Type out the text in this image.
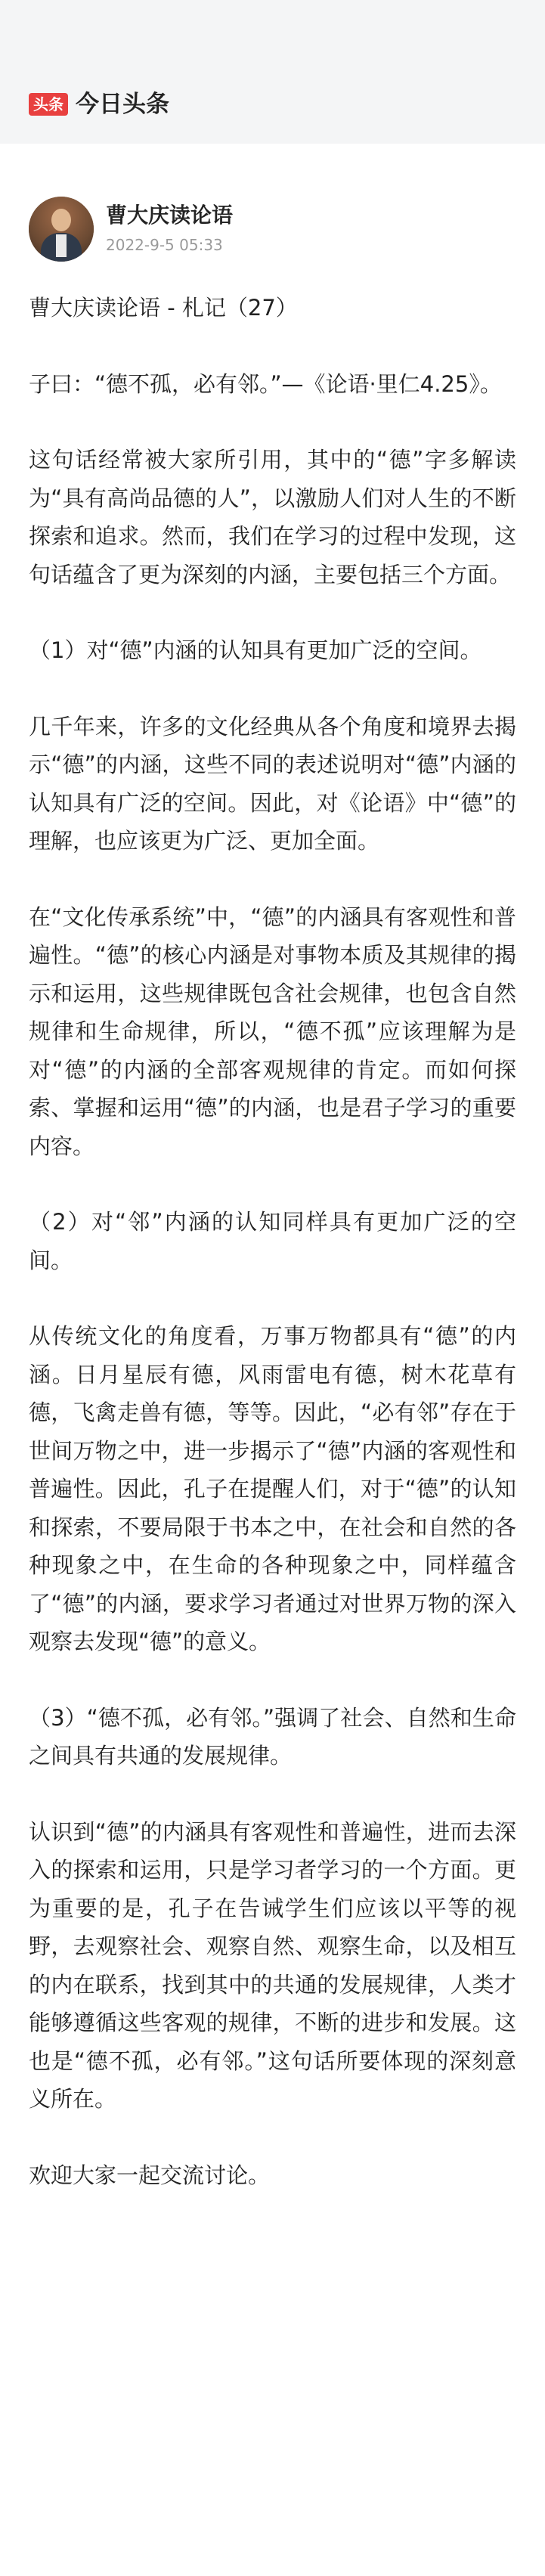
头条 今日头条
曹大庆读论语
2022-9-5 05:33

曹大庆读论语 - 札记（27）

子曰：“德不孤，必有邻。”—《论语·里仁4.25》。

这句话经常被大家所引用，其中的“德”字多解读为“具有高尚品德的人”，以激励人们对人生的不断探索和追求。然而，我们在学习的过程中发现，这句话蕴含了更为深刻的内涵，主要包括三个方面。

（1）对“德”内涵的认知具有更加广泛的空间。

几千年来，许多的文化经典从各个角度和境界去揭示“德”的内涵，这些不同的表述说明对“德”内涵的认知具有广泛的空间。因此，对《论语》中“德”的理解，也应该更为广泛、更加全面。

在“文化传承系统”中，“德”的内涵具有客观性和普遍性。“德”的核心内涵是对事物本质及其规律的揭示和运用，这些规律既包含社会规律，也包含自然规律和生命规律，所以，“德不孤”应该理解为是对“德”的内涵的全部客观规律的肯定。而如何探索、掌握和运用“德”的内涵，也是君子学习的重要内容。

（2）对“邻”内涵的认知同样具有更加广泛的空间。

从传统文化的角度看，万事万物都具有“德”的内涵。日月星辰有德，风雨雷电有德，树木花草有德，飞禽走兽有德，等等。因此，“必有邻”存在于世间万物之中，进一步揭示了“德”内涵的客观性和普遍性。因此，孔子在提醒人们，对于“德”的认知和探索，不要局限于书本之中，在社会和自然的各种现象之中，在生命的各种现象之中，同样蕴含了“德”的内涵，要求学习者通过对世界万物的深入观察去发现“德”的意义。

（3）“德不孤，必有邻。”强调了社会、自然和生命之间具有共通的发展规律。

认识到“德”的内涵具有客观性和普遍性，进而去深入的探索和运用，只是学习者学习的一个方面。更为重要的是，孔子在告诫学生们应该以平等的视野，去观察社会、观察自然、观察生命，以及相互的内在联系，找到其中的共通的发展规律，人类才能够遵循这些客观的规律，不断的进步和发展。这也是“德不孤，必有邻。”这句话所要体现的深刻意义所在。

欢迎大家一起交流讨论。
